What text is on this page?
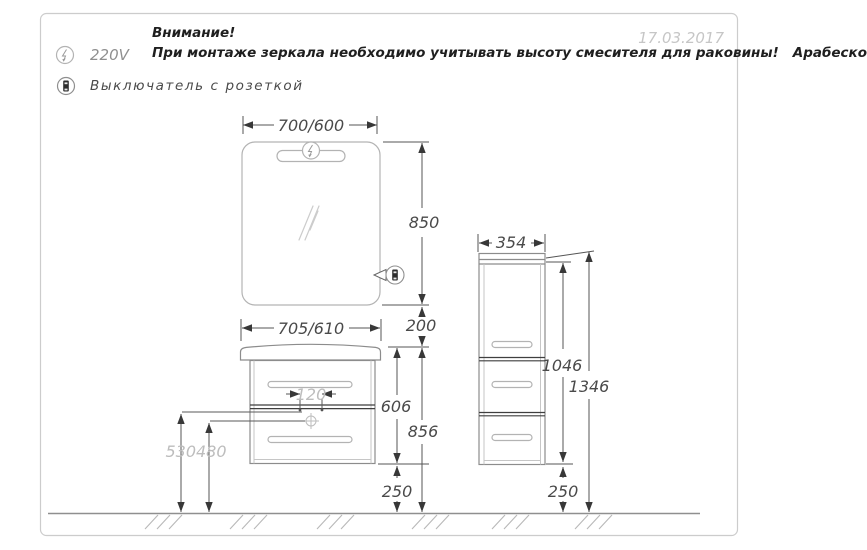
700/600
850
200
705/610
606
856
250
120
530 480
354
1046
1346
250
Внимание!
При монтаже зеркала необходимо учитывать высоту смесителя для раковины! Арабеско
17.03.2017
220V
Выключатель с розеткой
